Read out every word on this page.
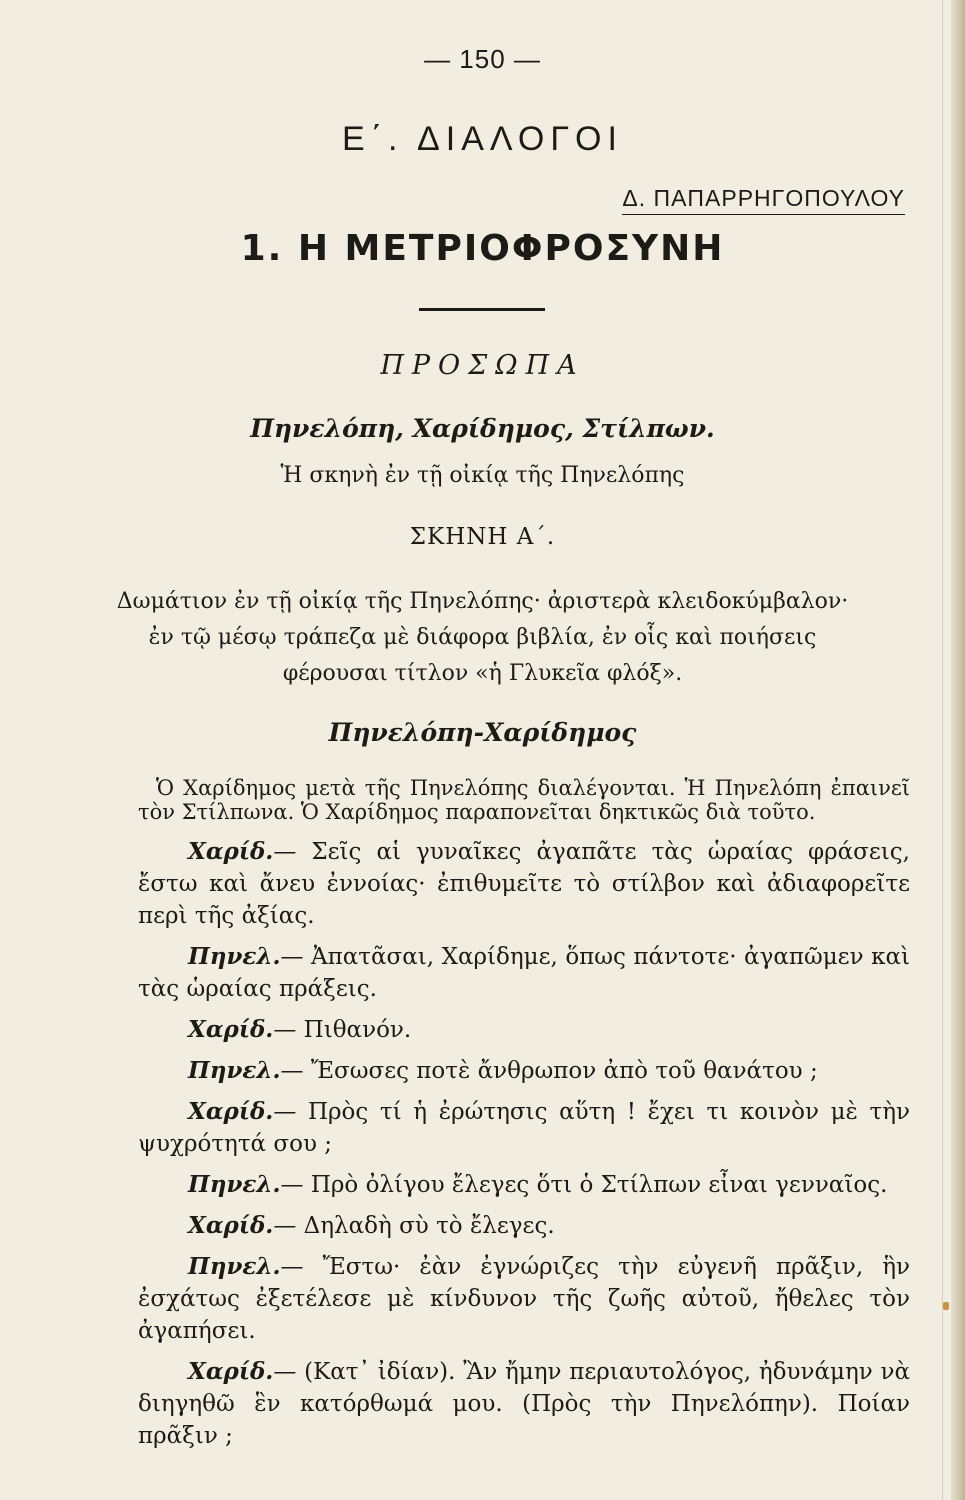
— 150 —
Ε΄. ΔΙΑΛΟΓΟΙ
Δ. ΠΑΠΑΡΡΗΓΟΠΟΥΛΟΥ
1. Η ΜΕΤΡΙΟΦΡΟΣΥΝΗ
ΠΡΟΣΩΠΑ
Πηνελόπη, Χαρίδημος, Στίλπων.
Ἡ σκηνὴ ἐν τῇ οἰκίᾳ τῆς Πηνελόπης
ΣΚΗΝΗ Α΄.
Δωμάτιον ἐν τῇ οἰκίᾳ τῆς Πηνελόπης· ἀριστερὰ κλειδοκύμβαλον·
ἐν τῷ μέσῳ τράπεζα μὲ διάφορα βιβλία, ἐν οἷς καὶ ποιήσεις
φέρουσαι τίτλον «ἡ Γλυκεῖα φλόξ».
Πηνελόπη-Χαρίδημος

Ὁ Χαρίδημος μετὰ τῆς Πηνελόπης διαλέγονται. Ἡ Πηνελόπη ἐπαινεῖ τὸν Στίλπωνα. Ὁ Χαρίδημος παραπονεῖται δηκτικῶς διὰ τοῦτο.

Χαρίδ.— Σεῖς αἱ γυναῖκες ἀγαπᾶτε τὰς ὡραίας φράσεις, ἔστω καὶ ἄνευ ἐννοίας· ἐπιθυμεῖτε τὸ στίλβον καὶ ἀδιαφορεῖτε περὶ τῆς ἀξίας.

Πηνελ.— Ἀπατᾶσαι, Χαρίδημε, ὅπως πάντοτε· ἀγαπῶμεν καὶ τὰς ὡραίας πράξεις.

Χαρίδ.— Πιθανόν.

Πηνελ.— Ἔσωσες ποτὲ ἄνθρωπον ἀπὸ τοῦ θανάτου ;

Χαρίδ.— Πρὸς τί ἡ ἐρώτησις αὕτη ! ἔχει τι κοινὸν μὲ τὴν ψυχρότητά σου ;

Πηνελ.— Πρὸ ὀλίγου ἔλεγες ὅτι ὁ Στίλπων εἶναι γενναῖος.

Χαρίδ.— Δηλαδὴ σὺ τὸ ἔλεγες.

Πηνελ.— Ἔστω· ἐὰν ἐγνώριζες τὴν εὐγενῆ πρᾶξιν, ἣν ἐσχάτως ἐξετέλεσε μὲ κίνδυνον τῆς ζωῆς αὐτοῦ, ἤθελες τὸν ἀγαπήσει.

Χαρίδ.— (Κατ᾽ ἰδίαν). Ἂν ἤμην περιαυτολόγος, ἠδυνάμην νὰ διηγηθῶ ἓν κατόρθωμά μου. (Πρὸς τὴν Πηνελόπην). Ποίαν πρᾶξιν ;
